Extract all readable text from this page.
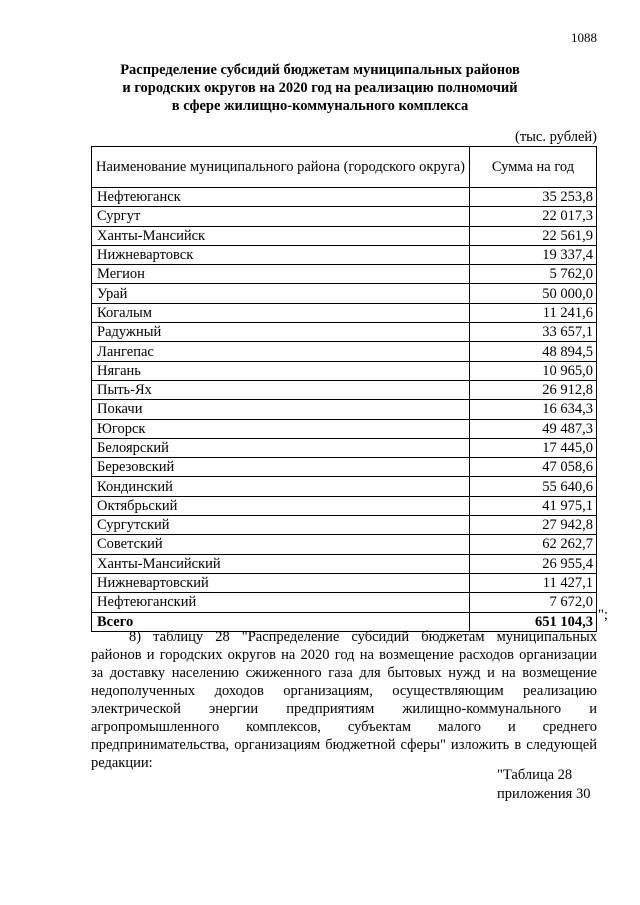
1088
Распределение субсидий бюджетам муниципальных районов
и городских округов на 2020 год на реализацию полномочий
в сфере жилищно-коммунального комплекса
(тыс. рублей)
Наименование муниципального района (городского округа)	Сумма на год
Нефтеюганск	35 253,8
Сургут	22 017,3
Ханты-Мансийск	22 561,9
Нижневартовск	19 337,4
Мегион	5 762,0
Урай	50 000,0
Когалым	11 241,6
Радужный	33 657,1
Лангепас	48 894,5
Нягань	10 965,0
Пыть-Ях	26 912,8
Покачи	16 634,3
Югорск	49 487,3
Белоярский	17 445,0
Березовский	47 058,6
Кондинский	55 640,6
Октябрьский	41 975,1
Сургутский	27 942,8
Советский	62 262,7
Ханты-Мансийский	26 955,4
Нижневартовский	11 427,1
Нефтеюганский	7 672,0
Всего	651 104,3 ";
8) таблицу 28 "Распределение субсидий бюджетам муниципальных районов и городских округов на 2020 год на возмещение расходов организации за доставку населению сжиженного газа для бытовых нужд и на возмещение недополученных доходов организациям, осуществляющим реализацию электрической энергии предприятиям жилищно-коммунального и агропромышленного комплексов, субъектам малого и среднего предпринимательства, организациям бюджетной сферы" изложить в следующей редакции:
"Таблица 28
приложения 30
